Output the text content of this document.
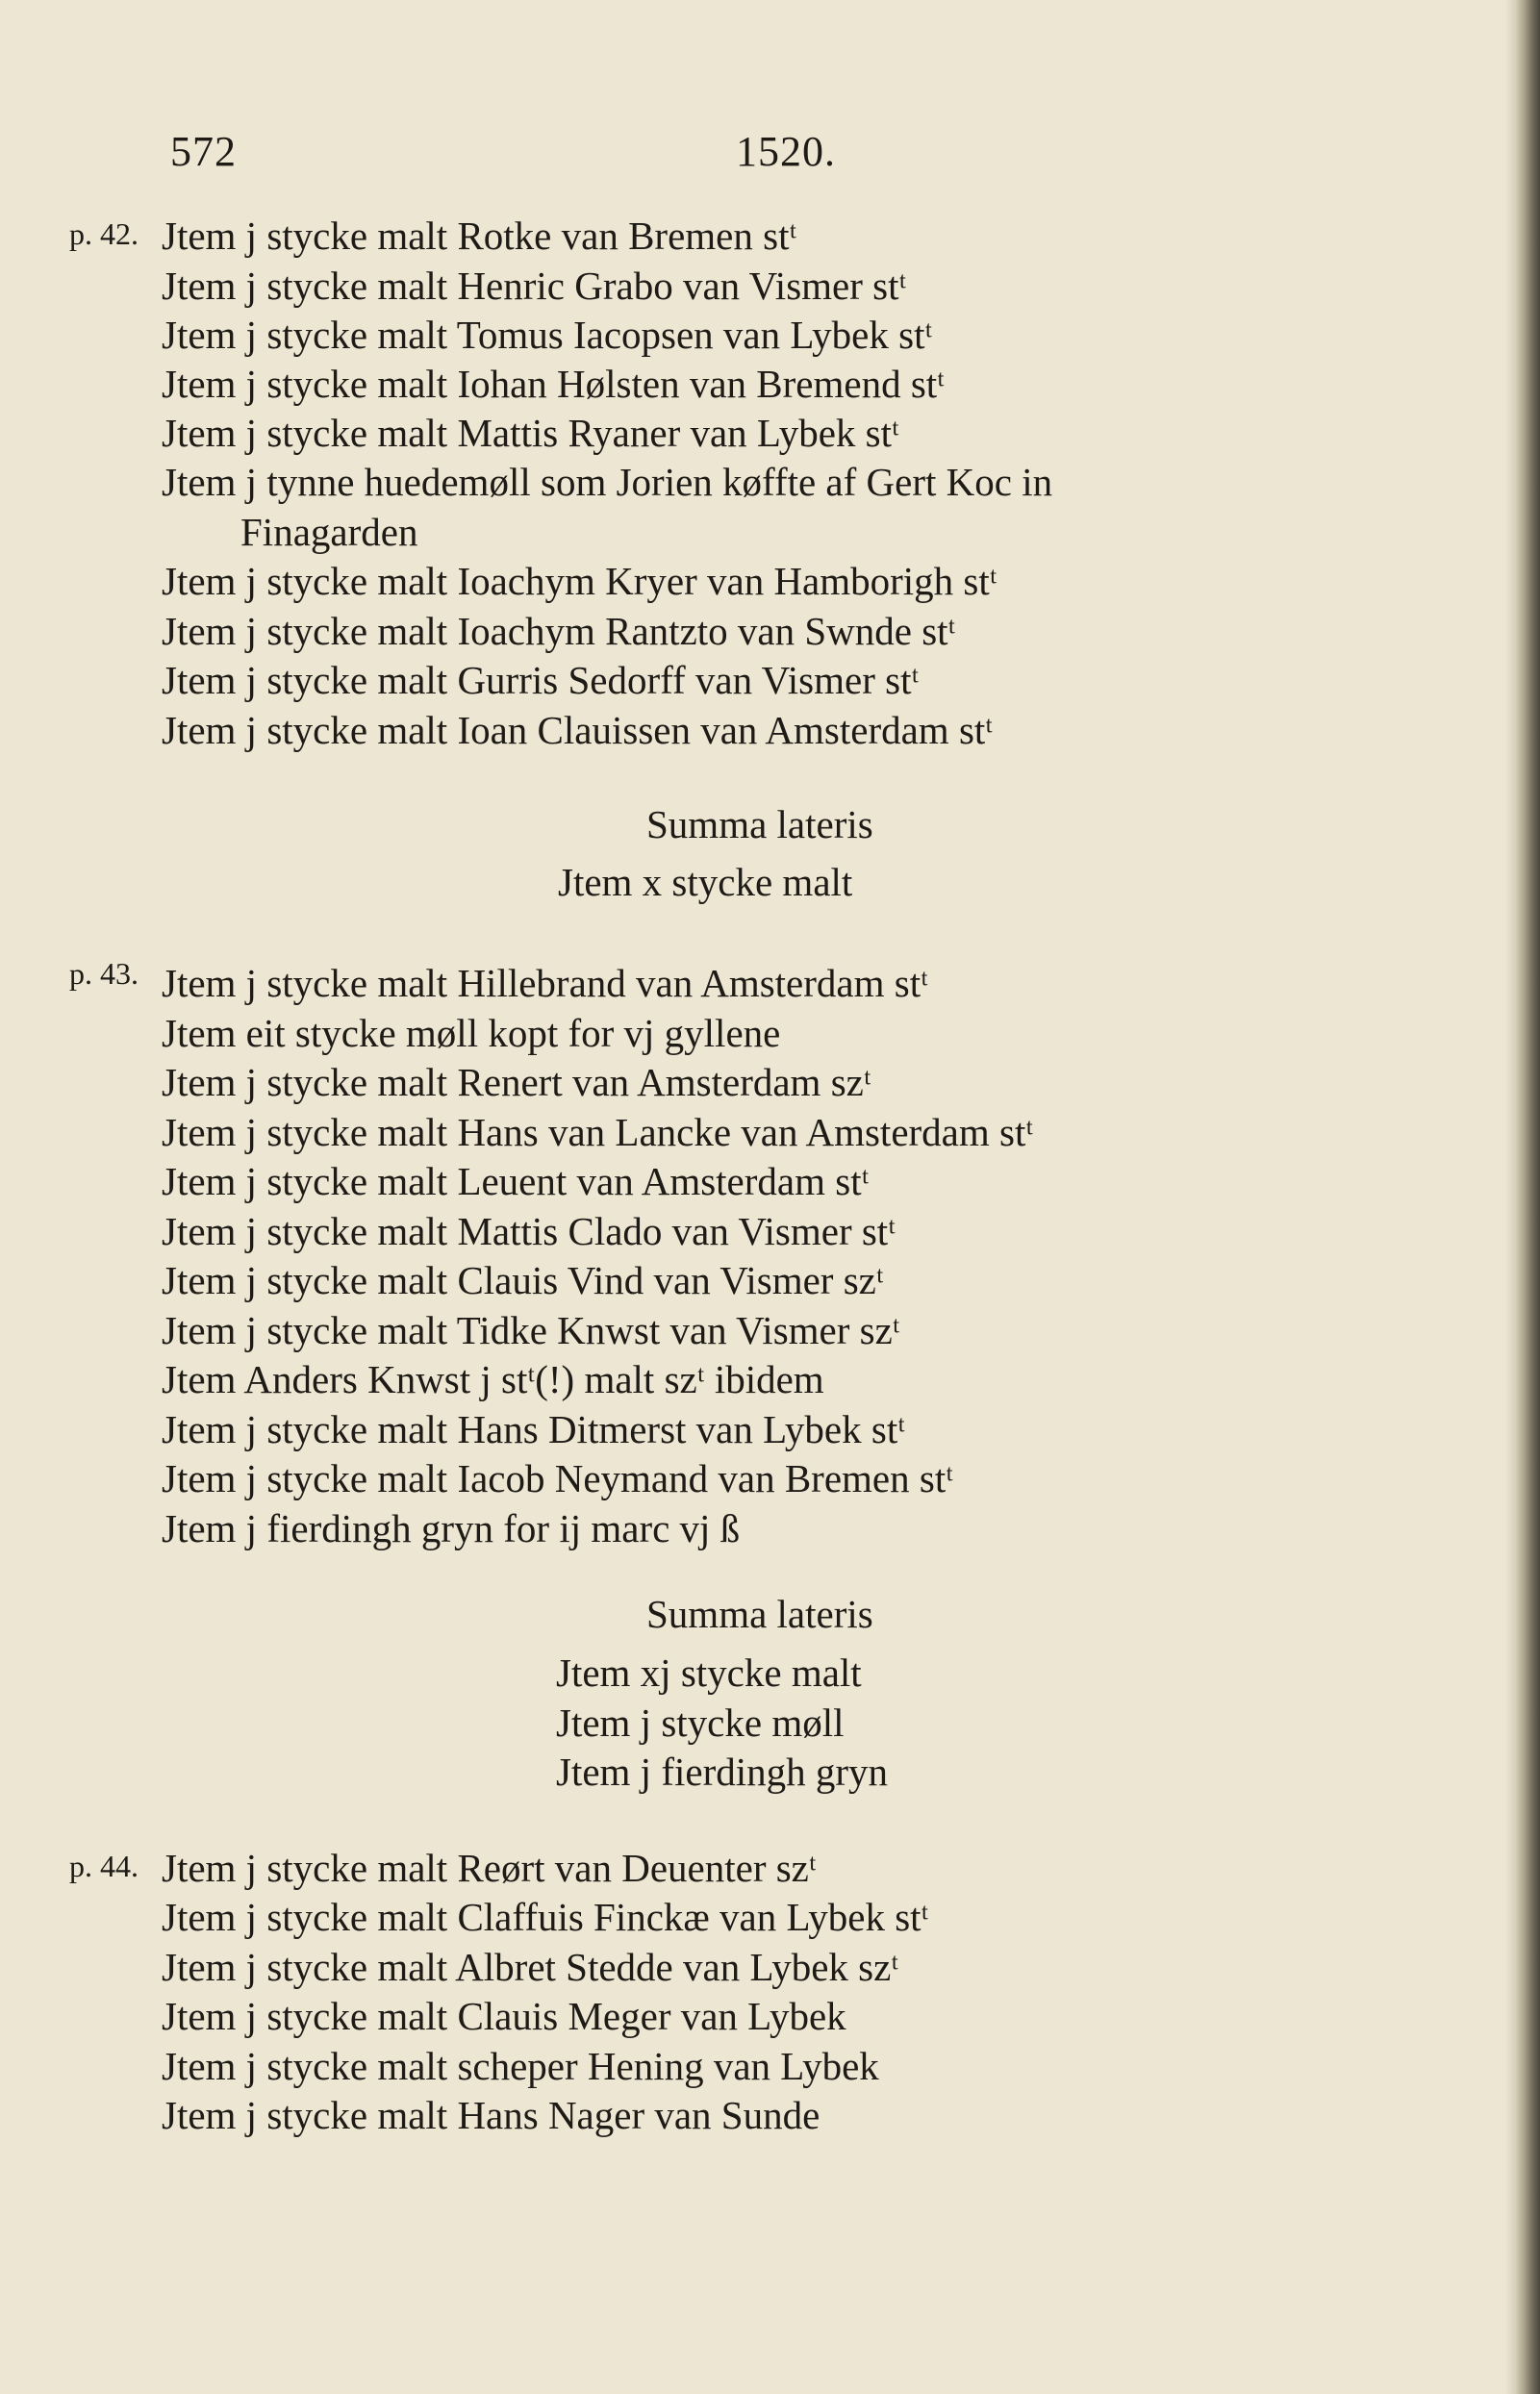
572	1520.
p. 42. Jtem j stycke malt Rotke van Bremen stᵗ
Jtem j stycke malt Henric Grabo van Vismer stᵗ
Jtem j stycke malt Tomus Iacopsen van Lybek stᵗ
Jtem j stycke malt Iohan Hølsten van Bremend stᵗ
Jtem j stycke malt Mattis Ryaner van Lybek stᵗ
Jtem j tynne huedemøll som Jorien køffte af Gert Koc in
Finagarden
Jtem j stycke malt Ioachym Kryer van Hamborigh stᵗ
Jtem j stycke malt Ioachym Rantzto van Swnde stᵗ
Jtem j stycke malt Gurris Sedorff van Vismer stᵗ
Jtem j stycke malt Ioan Clauissen van Amsterdam stᵗ
Summa lateris
Jtem x stycke malt
p. 43. Jtem j stycke malt Hillebrand van Amsterdam stᵗ
Jtem eit stycke møll kopt for vj gyllene
Jtem j stycke malt Renert van Amsterdam szᵗ
Jtem j stycke malt Hans van Lancke van Amsterdam stᵗ
Jtem j stycke malt Leuent van Amsterdam stᵗ
Jtem j stycke malt Mattis Clado van Vismer stᵗ
Jtem j stycke malt Clauis Vind van Vismer szᵗ
Jtem j stycke malt Tidke Knwst van Vismer szᵗ
Jtem Anders Knwst j stᵗ(!) malt szᵗ ibidem
Jtem j stycke malt Hans Ditmerst van Lybek stᵗ
Jtem j stycke malt Iacob Neymand van Bremen stᵗ
Jtem j fierdingh gryn for ij marc vj ß
Summa lateris
Jtem xj stycke malt
Jtem j stycke møll
Jtem j fierdingh gryn
p. 44. Jtem j stycke malt Reørt van Deuenter szᵗ
Jtem j stycke malt Claffuis Finckæ van Lybek stᵗ
Jtem j stycke malt Albret Stedde van Lybek szᵗ
Jtem j stycke malt Clauis Meger van Lybek
Jtem j stycke malt scheper Hening van Lybek
Jtem j stycke malt Hans Nager van Sunde
